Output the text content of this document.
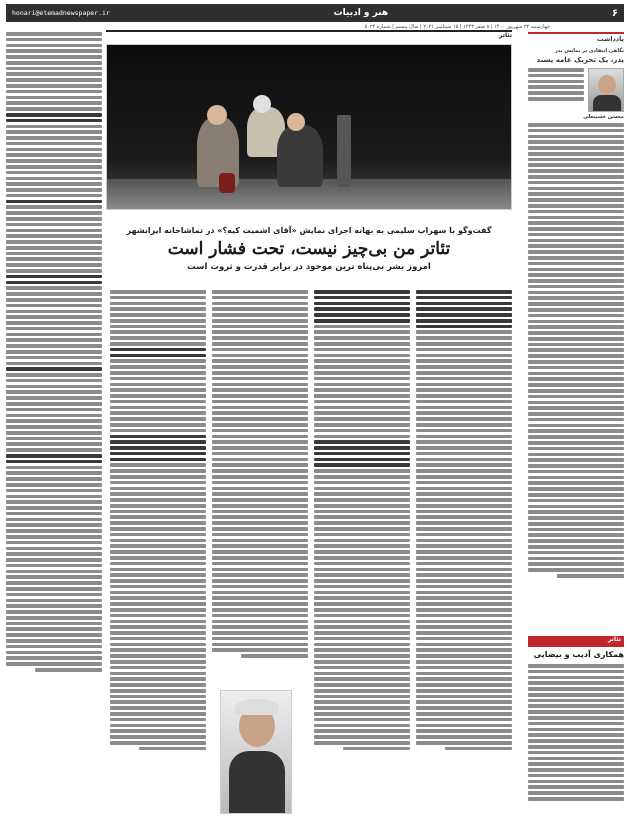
۶
هنر و ادبیات
honari@etemadnewspaper.ir
چهارشنبه ۲۴ شهریور ۱۴۰۰ | ۸ صفر ۱۴۴۳ | ۱۵ سپتامبر ۲۰۲۱ | سال بیستم | شماره ۵۰۲۴
یادداشت
نگاهی انتقادی بر نمایش پدر
پدر، یک تحریک عامه پسند
محسن حسینعلی
تئاتر
همکاری آدیب و بیضایی
تئاتر
گفت‌وگو با سهراب سلیمی به بهانه اجرای نمایش «آقای اشمیت کیه؟» در تماشاخانه ایرانشهر
تئاتر من بی‌چیز نیست، تحت فشار است
امروز بشر بی‌پناه ترین موجود در برابر قدرت و ثروت است
